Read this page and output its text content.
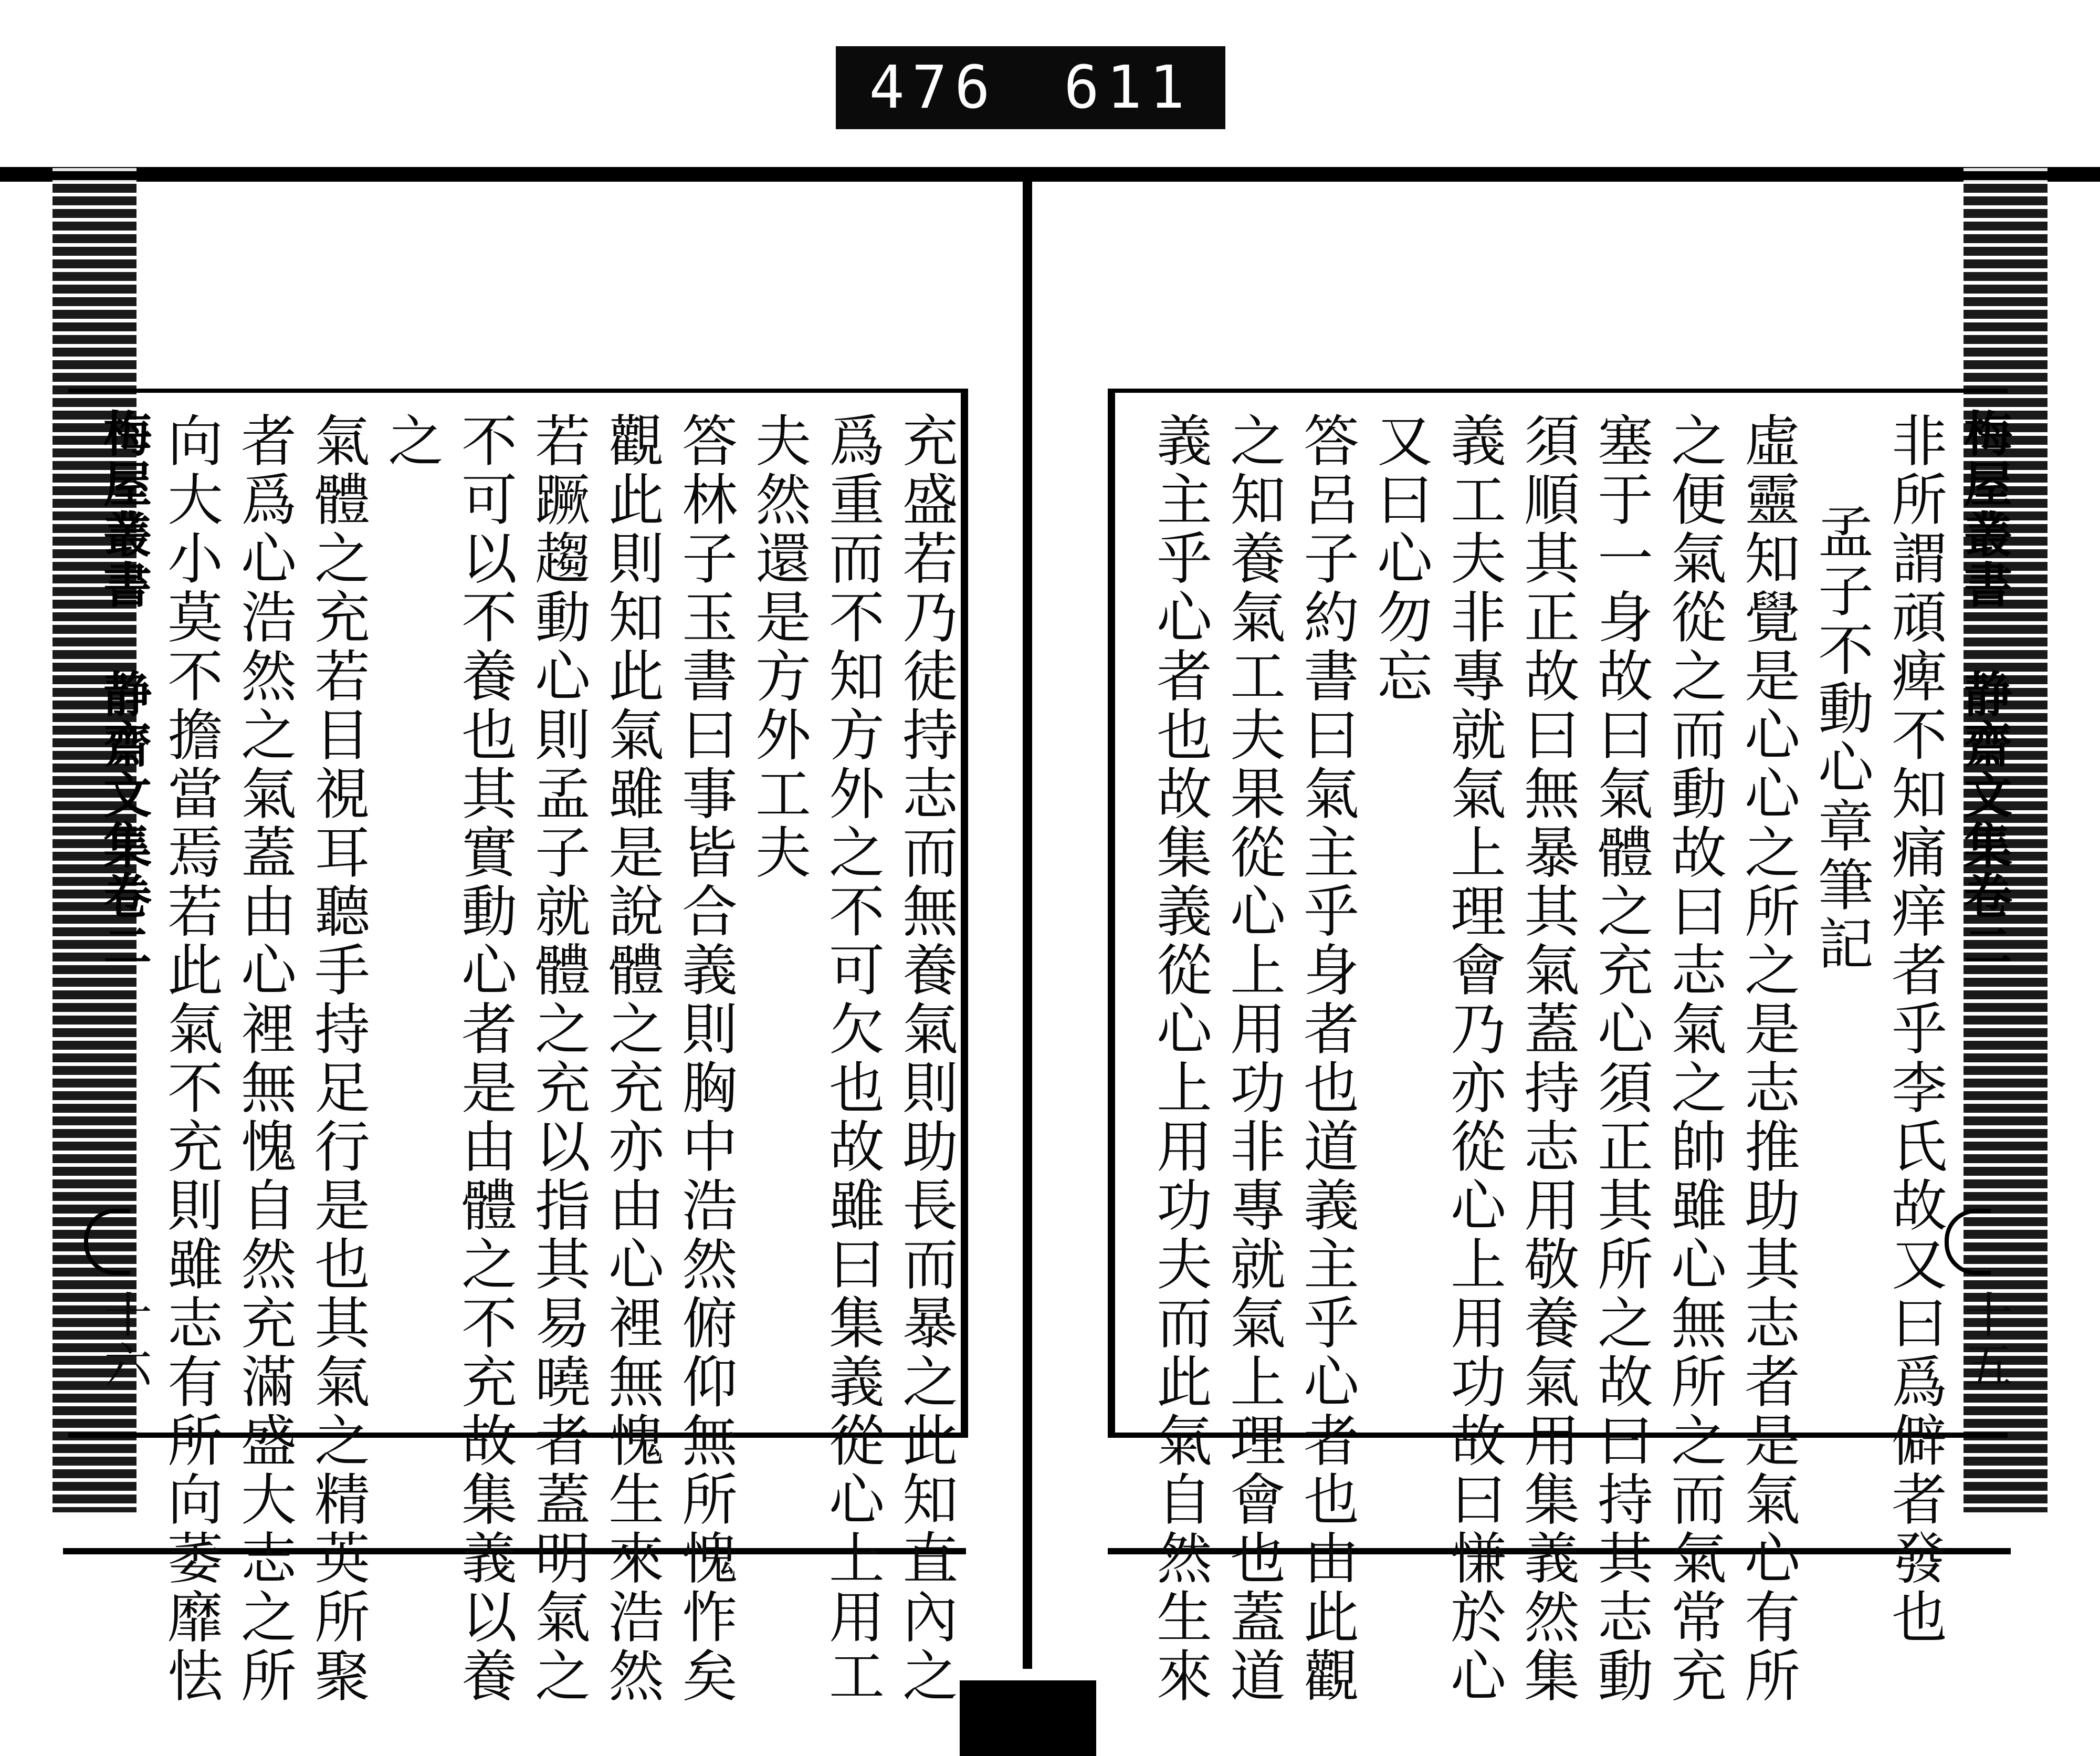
476 611
充盛若乃徒持志而無養氣則助長而暴之此知直內之
爲重而不知方外之不可欠也故雖曰集義從心上用工
夫然還是方外工夫
答林子玉書曰事皆合義則胸中浩然俯仰無所愧怍矣
觀此則知此氣雖是說體之充亦由心裡無愧生來浩然
若蹶趨動心則孟子就體之充以指其易曉者蓋明氣之
不可以不養也其實動心者是由體之不充故集義以養
之
氣體之充若目視耳聽手持足行是也其氣之精英所聚
者爲心浩然之氣蓋由心裡無愧自然充滿盛大志之所
向大小莫不擔當焉若此氣不充則雖志有所向萎靡怯
梅屋叢書 静齋文集卷二
十六
梅屋叢書 静齋文集卷二
十五
非所謂頑痺不知痛痒者乎李氏故又曰爲僻者發也
孟子不動心章筆記
虛靈知覺是心心之所之是志推助其志者是氣心有所
之便氣從之而動故曰志氣之帥雖心無所之而氣常充
塞于一身故曰氣體之充心須正其所之故曰持其志動
須順其正故曰無暴其氣蓋持志用敬養氣用集義然集
義工夫非專就氣上理會乃亦從心上用功故曰慊於心
又曰心勿忘
答呂子約書曰氣主乎身者也道義主乎心者也由此觀
之知養氣工夫果從心上用功非專就氣上理會也蓋道
義主乎心者也故集義從心上用功夫而此氣自然生來
